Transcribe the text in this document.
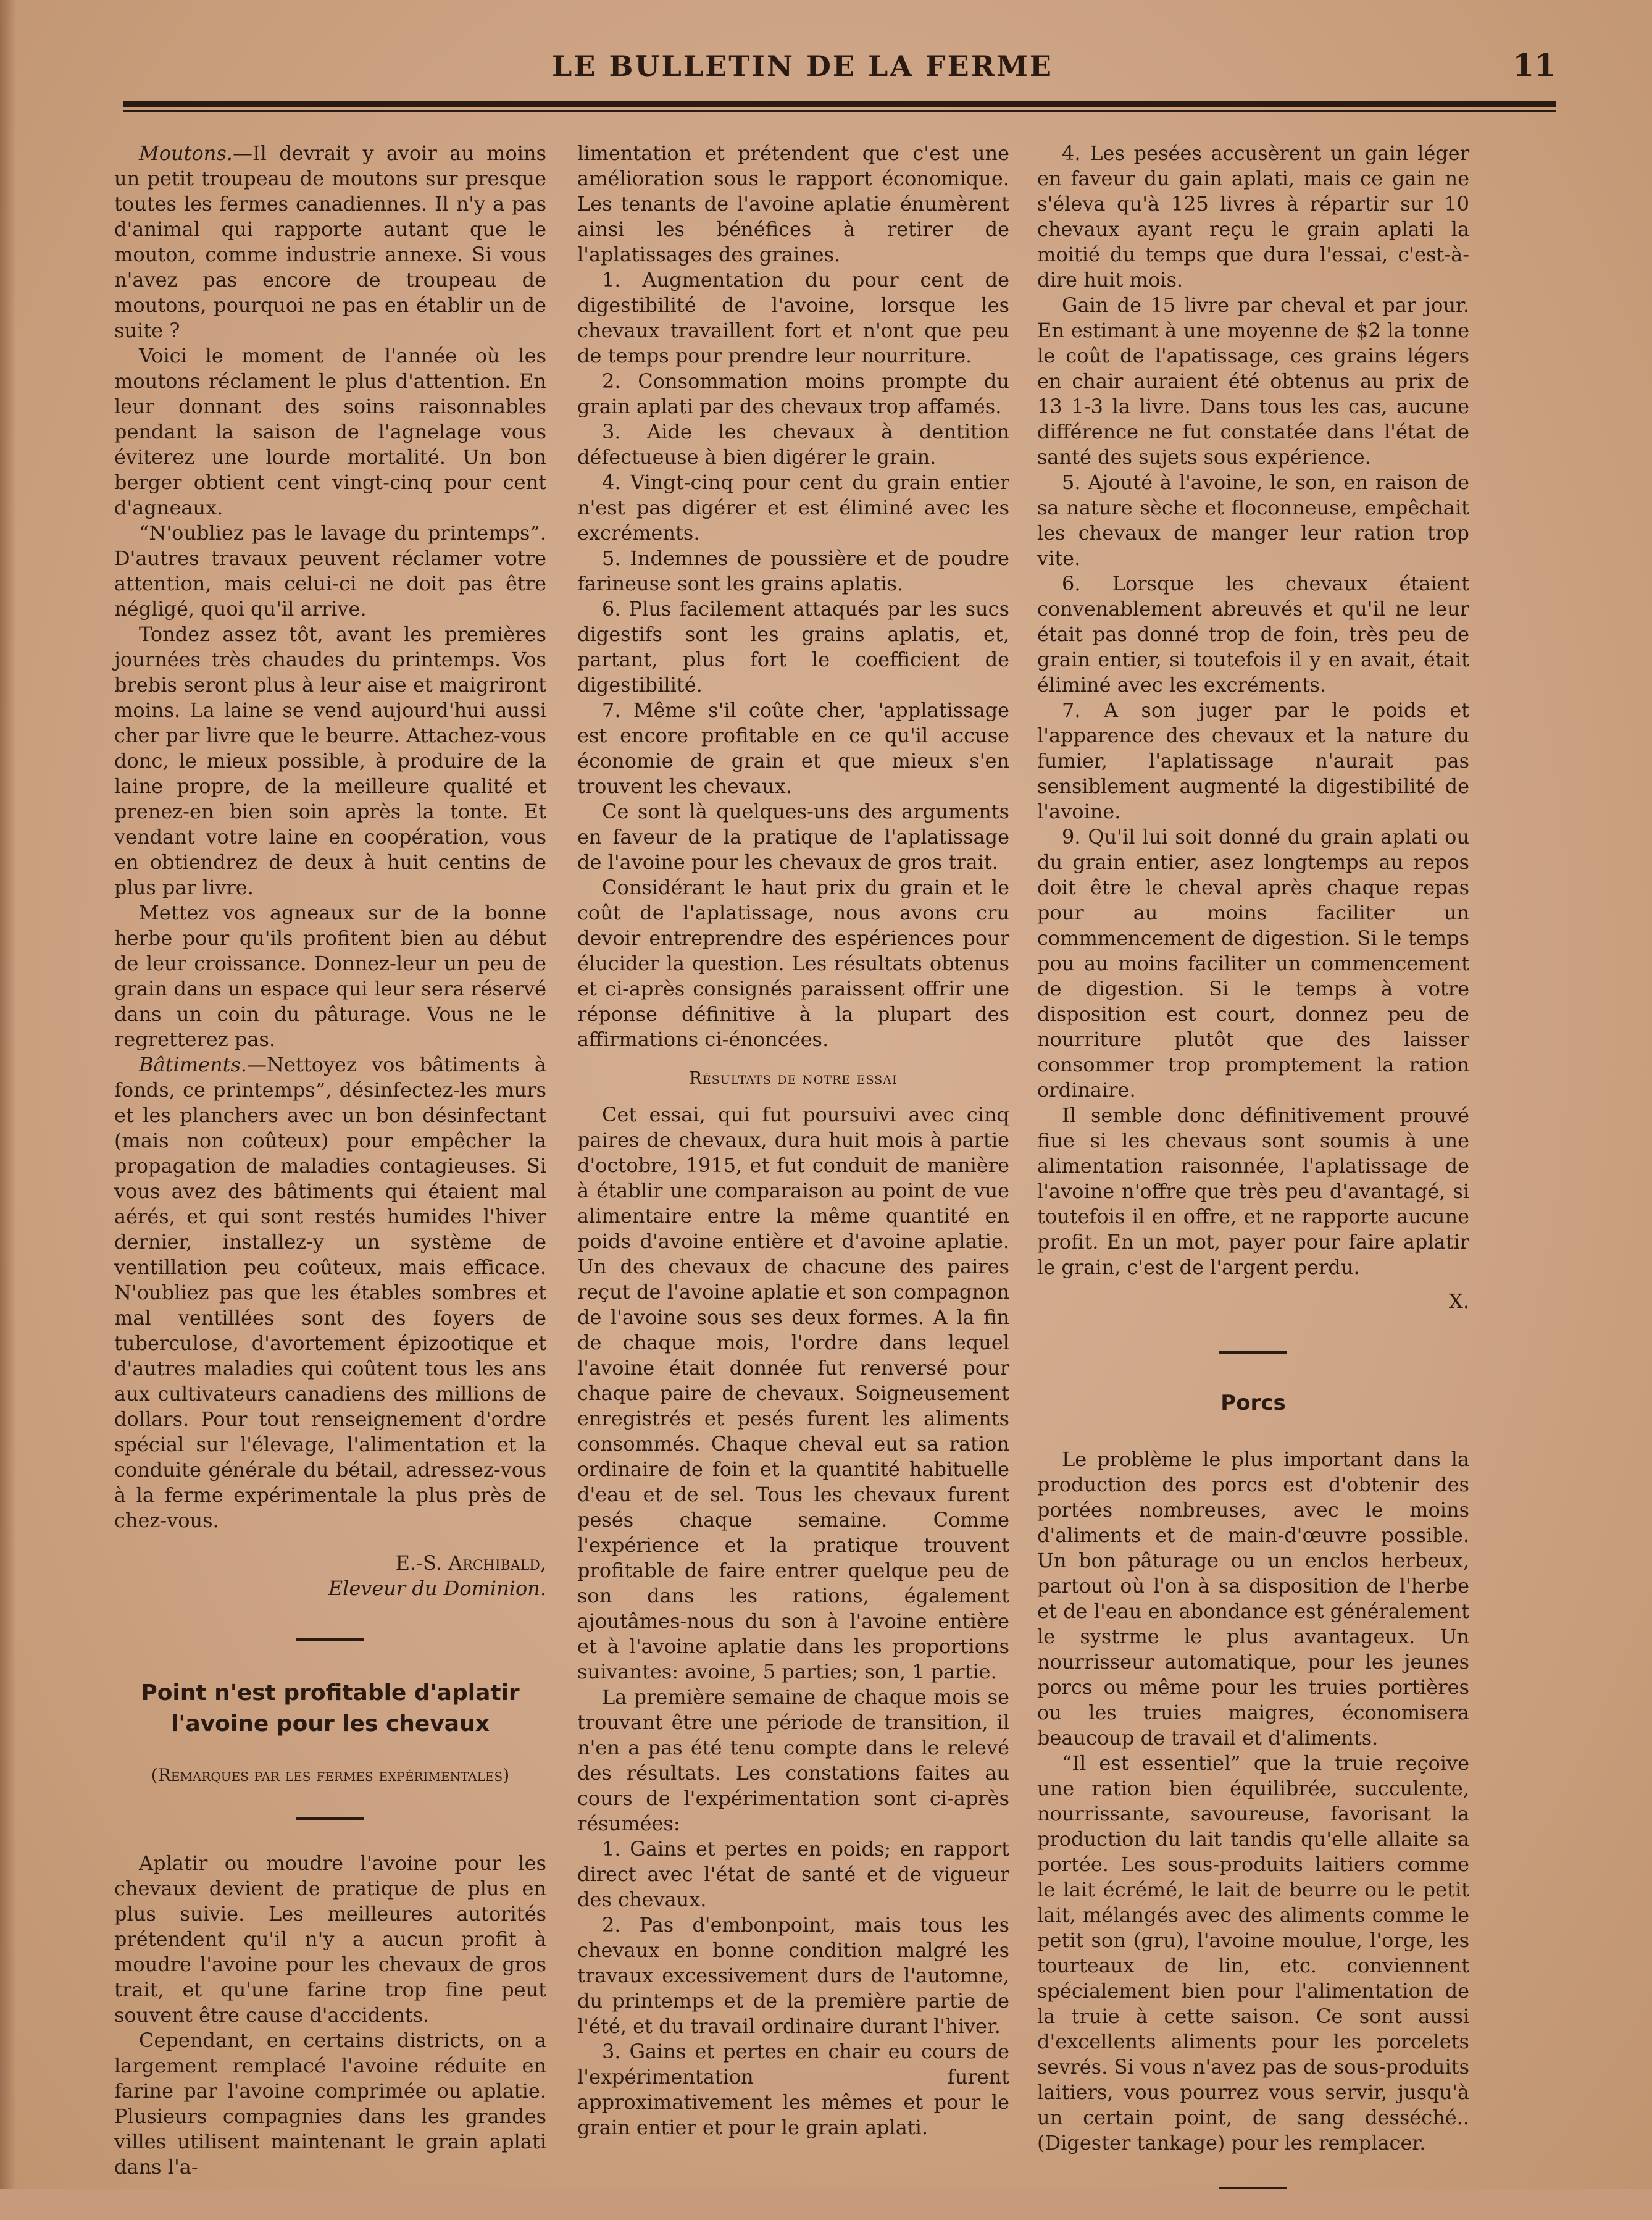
LE BULLETIN DE LA FERME	11

Moutons.—Il devrait y avoir au moins un petit troupeau de moutons sur presque toutes les fermes canadiennes. Il n'y a pas d'animal qui rapporte autant que le mouton, comme industrie annexe. Si vous n'avez pas encore de troupeau de moutons, pourquoi ne pas en établir un de suite ?

Voici le moment de l'année où les moutons réclament le plus d'attention. En leur donnant des soins raisonnables pendant la saison de l'agnelage vous éviterez une lourde mortalité. Un bon berger obtient cent vingt-cinq pour cent d'agneaux.

“N'oubliez pas le lavage du printemps”. D'autres travaux peuvent réclamer votre attention, mais celui-ci ne doit pas être négligé, quoi qu'il arrive.

Tondez assez tôt, avant les premières journées très chaudes du printemps. Vos brebis seront plus à leur aise et maigriront moins. La laine se vend aujourd'hui aussi cher par livre que le beurre. Attachez-vous donc, le mieux possible, à produire de la laine propre, de la meilleure qualité et prenez-en bien soin après la tonte. Et vendant votre laine en coopération, vous en obtiendrez de deux à huit centins de plus par livre.

Mettez vos agneaux sur de la bonne herbe pour qu'ils profitent bien au début de leur croissance. Donnez-leur un peu de grain dans un espace qui leur sera réservé dans un coin du pâturage. Vous ne le regretterez pas.

Bâtiments.—Nettoyez vos bâtiments à fonds, ce printemps”, désinfectez-les murs et les planchers avec un bon désinfectant (mais non coûteux) pour empêcher la propagation de maladies contagieuses. Si vous avez des bâtiments qui étaient mal aérés, et qui sont restés humides l'hiver dernier, installez-y un système de ventillation peu coûteux, mais efficace. N'oubliez pas que les étables sombres et mal ventillées sont des foyers de tuberculose, d'avortement épizootique et d'autres maladies qui coûtent tous les ans aux cultivateurs canadiens des millions de dollars. Pour tout renseignement d'ordre spécial sur l'élevage, l'alimentation et la conduite générale du bétail, adressez-vous à la ferme expérimentale la plus près de chez-vous.

E.-S. Archibald,
Eleveur du Dominion.
Point n'est profitable d'aplatir l'avoine pour les chevaux
(Remarques par les fermes expérimentales)

Aplatir ou moudre l'avoine pour les chevaux devient de pratique de plus en plus suivie. Les meilleures autorités prétendent qu'il n'y a aucun profit à moudre l'avoine pour les chevaux de gros trait, et qu'une farine trop fine peut souvent être cause d'accidents.

Cependant, en certains districts, on a largement remplacé l'avoine réduite en farine par l'avoine comprimée ou aplatie. Plusieurs compagnies dans les grandes villes utilisent maintenant le grain aplati dans l'a-

limentation et prétendent que c'est une amélioration sous le rapport économique. Les tenants de l'avoine aplatie énumèrent ainsi les bénéfices à retirer de l'aplatissages des graines.

1. Augmentation du pour cent de digestibilité de l'avoine, lorsque les chevaux travaillent fort et n'ont que peu de temps pour prendre leur nourriture.

2. Consommation moins prompte du grain aplati par des chevaux trop affamés.

3. Aide les chevaux à dentition défectueuse à bien digérer le grain.

4. Vingt-cinq pour cent du grain entier n'est pas digérer et est éliminé avec les excréments.

5. Indemnes de poussière et de poudre farineuse sont les grains aplatis.

6. Plus facilement attaqués par les sucs digestifs sont les grains aplatis, et, partant, plus fort le coefficient de digestibilité.

7. Même s'il coûte cher, 'applatissage est encore profitable en ce qu'il accuse économie de grain et que mieux s'en trouvent les chevaux.

Ce sont là quelques-uns des arguments en faveur de la pratique de l'aplatissage de l'avoine pour les chevaux de gros trait.

Considérant le haut prix du grain et le coût de l'aplatissage, nous avons cru devoir entreprendre des espériences pour élucider la question. Les résultats obtenus et ci-après consignés paraissent offrir une réponse définitive à la plupart des affirmations ci-énoncées.

Résultats de notre essai

Cet essai, qui fut poursuivi avec cinq paires de chevaux, dura huit mois à partie d'octobre, 1915, et fut conduit de manière à établir une comparaison au point de vue alimentaire entre la même quantité en poids d'avoine entière et d'avoine aplatie. Un des chevaux de chacune des paires reçut de l'avoine aplatie et son compagnon de l'avoine sous ses deux formes. A la fin de chaque mois, l'ordre dans lequel l'avoine était donnée fut renversé pour chaque paire de chevaux. Soigneusement enregistrés et pesés furent les aliments consommés. Chaque cheval eut sa ration ordinaire de foin et la quantité habituelle d'eau et de sel. Tous les chevaux furent pesés chaque semaine. Comme l'expérience et la pratique trouvent profitable de faire entrer quelque peu de son dans les rations, également ajoutâmes-nous du son à l'avoine entière et à l'avoine aplatie dans les proportions suivantes: avoine, 5 parties; son, 1 partie.

La première semaine de chaque mois se trouvant être une période de transition, il n'en a pas été tenu compte dans le relevé des résultats. Les constations faites au cours de l'expérimentation sont ci-après résumées:

1. Gains et pertes en poids; en rapport direct avec l'état de santé et de vigueur des chevaux.

2. Pas d'embonpoint, mais tous les chevaux en bonne condition malgré les travaux excessivement durs de l'automne, du printemps et de la première partie de l'été, et du travail ordinaire durant l'hiver.

3. Gains et pertes en chair eu cours de l'expérimentation furent approximativement les mêmes et pour le grain entier et pour le grain aplati.

4. Les pesées accusèrent un gain léger en faveur du gain aplati, mais ce gain ne s'éleva qu'à 125 livres à répartir sur 10 chevaux ayant reçu le grain aplati la moitié du temps que dura l'essai, c'est-à-dire huit mois.

Gain de 15 livre par cheval et par jour. En estimant à une moyenne de $2 la tonne le coût de l'apatissage, ces grains légers en chair auraient été obtenus au prix de 13 1-3 la livre. Dans tous les cas, aucune différence ne fut constatée dans l'état de santé des sujets sous expérience.

5. Ajouté à l'avoine, le son, en raison de sa nature sèche et floconneuse, empêchait les chevaux de manger leur ration trop vite.

6. Lorsque les chevaux étaient convenablement abreuvés et qu'il ne leur était pas donné trop de foin, très peu de grain entier, si toutefois il y en avait, était éliminé avec les excréments.

7. A son juger par le poids et l'apparence des chevaux et la nature du fumier, l'aplatissage n'aurait pas sensiblement augmenté la digestibilité de l'avoine.

9. Qu'il lui soit donné du grain aplati ou du grain entier, asez longtemps au repos doit être le cheval après chaque repas pour au moins faciliter un commmencement de digestion. Si le temps pou au moins faciliter un commencement de digestion. Si le temps à votre disposition est court, donnez peu de nourriture plutôt que des laisser consommer trop promptement la ration ordinaire.

Il semble donc définitivement prouvé fiue si les chevaus sont soumis à une alimentation raisonnée, l'aplatissage de l'avoine n'offre que très peu d'avantagé, si toutefois il en offre, et ne rapporte aucune profit. En un mot, payer pour faire aplatir le grain, c'est de l'argent perdu.

X.
Porcs

Le problème le plus important dans la production des porcs est d'obtenir des portées nombreuses, avec le moins d'aliments et de main-d'œuvre possible. Un bon pâturage ou un enclos herbeux, partout où l'on à sa disposition de l'herbe et de l'eau en abondance est généralement le systrme le plus avantageux. Un nourrisseur automatique, pour les jeunes porcs ou même pour les truies portières ou les truies maigres, économisera beaucoup de travail et d'aliments.

“Il est essentiel” que la truie reçoive une ration bien équilibrée, succulente, nourrissante, savoureuse, favorisant la production du lait tandis qu'elle allaite sa portée. Les sous-produits laitiers comme le lait écrémé, le lait de beurre ou le petit lait, mélangés avec des aliments comme le petit son (gru), l'avoine moulue, l'orge, les tourteaux de lin, etc. conviennent spécialement bien pour l'alimentation de la truie à cette saison. Ce sont aussi d'excellents aliments pour les porcelets sevrés. Si vous n'avez pas de sous-produits laitiers, vous pourrez vous servir, jusqu'à un certain point, de sang desséché.. (Digester tankage) pour les remplacer.
